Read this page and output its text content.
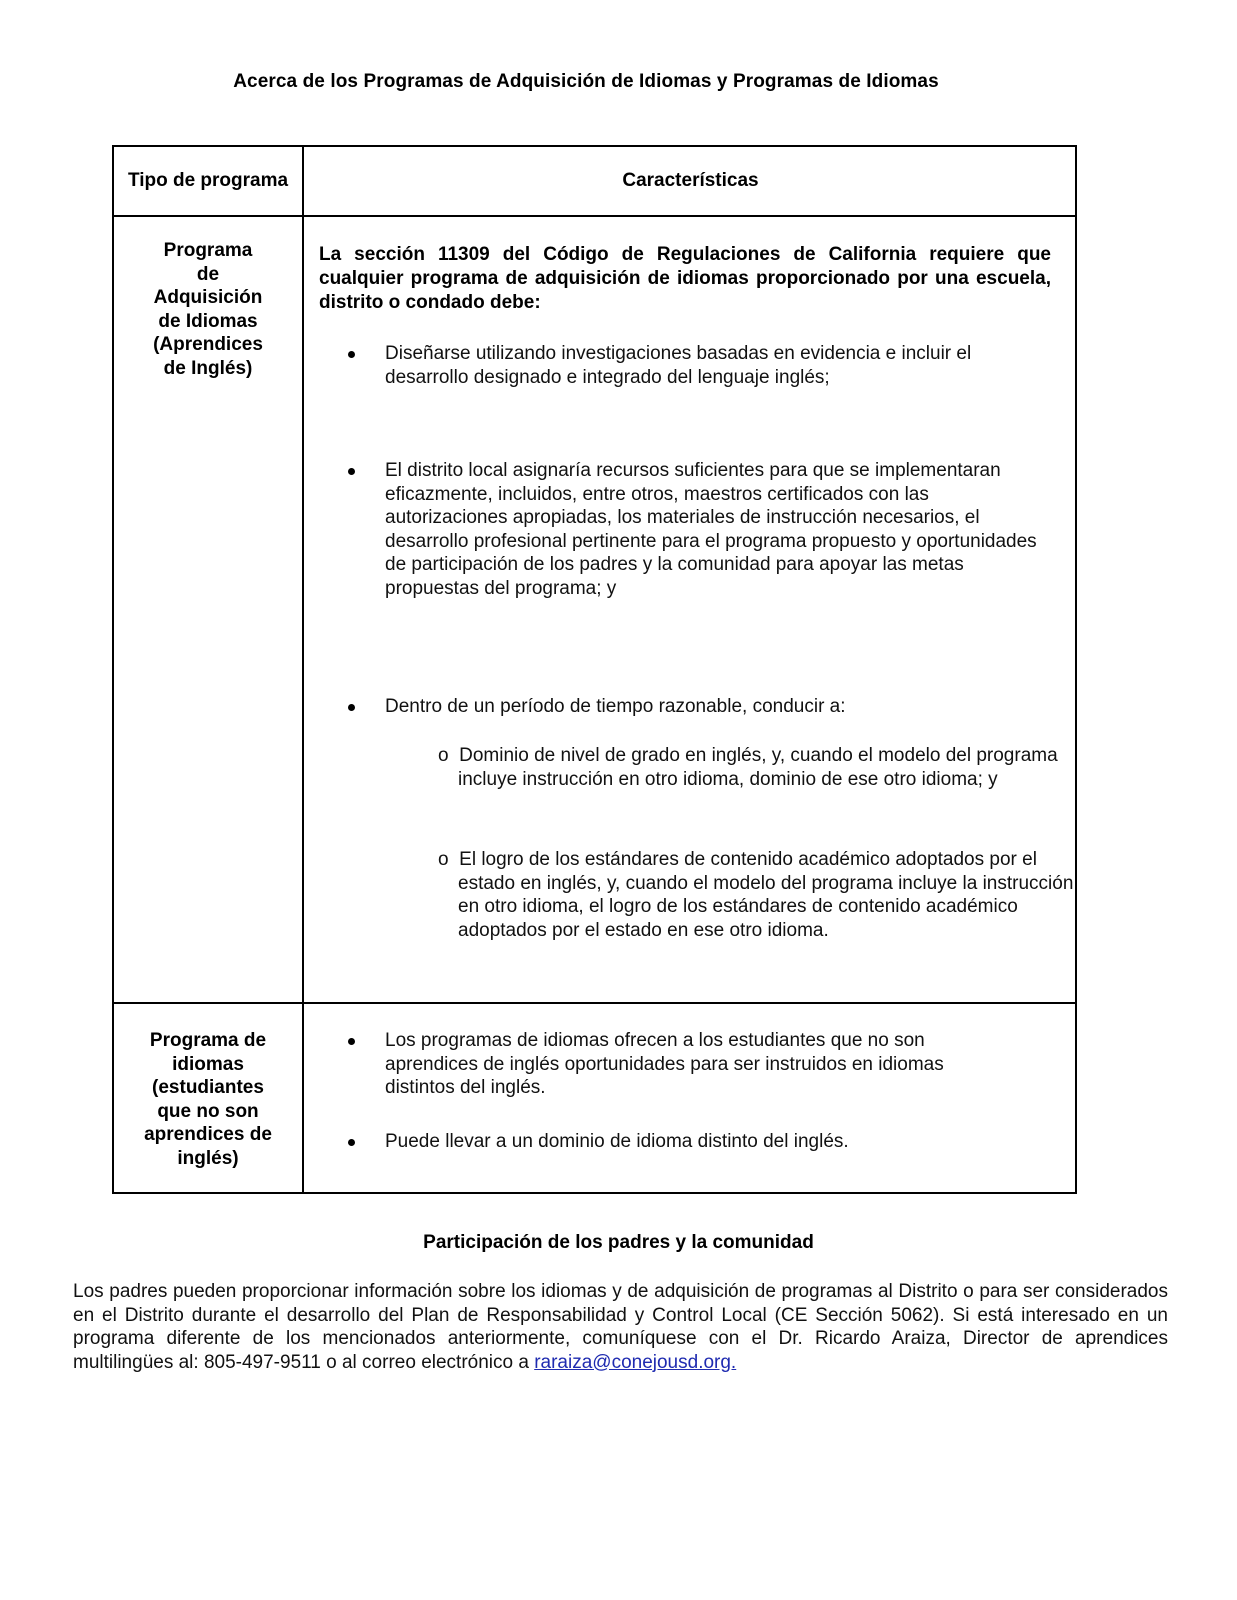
Acerca de los Programas de Adquisición de Idiomas y Programas de Idiomas
Tipo de programa	Características
Programa
de
Adquisición
de Idiomas
(Aprendices
de Inglés)
La sección 11309 del Código de Regulaciones de California requiere que cualquier programa de adquisición de idiomas proporcionado por una escuela, distrito o condado debe:
Diseñarse utilizando investigaciones basadas en evidencia e incluir el desarrollo designado e integrado del lenguaje inglés;
El distrito local asignaría recursos suficientes para que se implementaran eficazmente, incluidos, entre otros, maestros certificados con las autorizaciones apropiadas, los materiales de instrucción necesarios, el desarrollo profesional pertinente para el programa propuesto y oportunidades de participación de los padres y la comunidad para apoyar las metas propuestas del programa; y
Dentro de un período de tiempo razonable, conducir a:
o Dominio de nivel de grado en inglés, y, cuando el modelo del programa incluye instrucción en otro idioma, dominio de ese otro idioma; y
o El logro de los estándares de contenido académico adoptados por el estado en inglés, y, cuando el modelo del programa incluye la instrucción en otro idioma, el logro de los estándares de contenido académico adoptados por el estado en ese otro idioma.
Programa de
idiomas
(estudiantes
que no son
aprendices de
inglés)
Los programas de idiomas ofrecen a los estudiantes que no son aprendices de inglés oportunidades para ser instruidos en idiomas distintos del inglés.
Puede llevar a un dominio de idioma distinto del inglés.
Participación de los padres y la comunidad
Los padres pueden proporcionar información sobre los idiomas y de adquisición de programas al Distrito o para ser considerados en el Distrito durante el desarrollo del Plan de Responsabilidad y Control Local (CE Sección 5062). Si está interesado en un programa diferente de los mencionados anteriormente, comuníquese con el Dr. Ricardo Araiza, Director de aprendices multilingües al: 805-497-9511 o al correo electrónico a raraiza@conejousd.org.
